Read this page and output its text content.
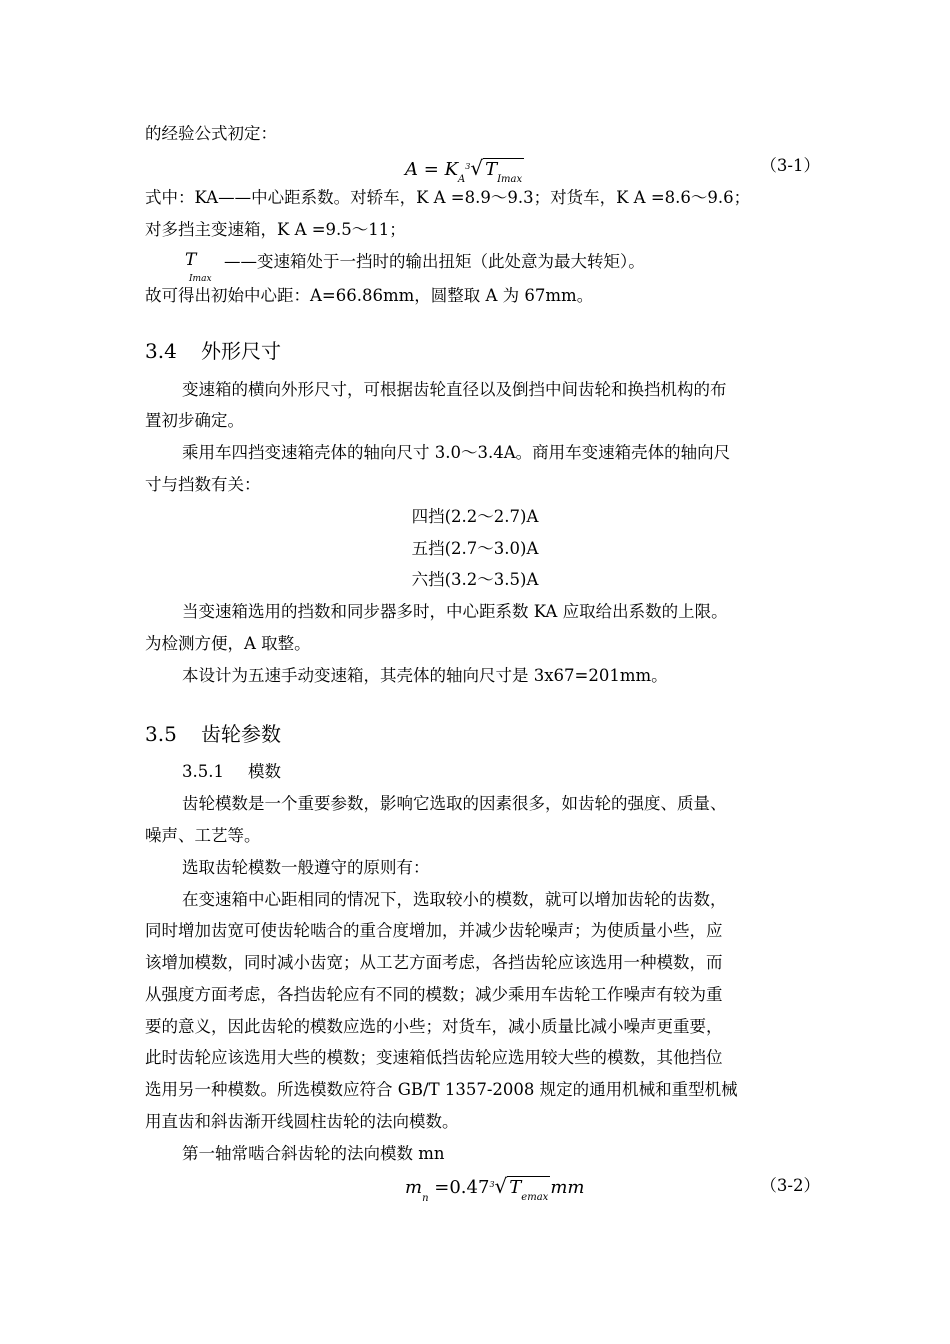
的经验公式初定：
$A = K_A^3√$ $T_{Imax}$
（3-1）
式中：KA——中心距系数。对轿车，K A =8.9～9.3；对货车，K A =8.6～9.6；
对多挡主变速箱，K A =9.5～11；
T
Imax
——变速箱处于一挡时的输出扭矩（此处意为最大转矩）。
故可得出初始中心距：A=66.86mm，圆整取 A 为 67mm。
3.4 外形尺寸
变速箱的横向外形尺寸，可根据齿轮直径以及倒挡中间齿轮和换挡机构的布
置初步确定。
乘用车四挡变速箱壳体的轴向尺寸 3.0～3.4A。商用车变速箱壳体的轴向尺
寸与挡数有关：
四挡(2.2～2.7)A
五挡(2.7～3.0)A
六挡(3.2～3.5)A
当变速箱选用的挡数和同步器多时，中心距系数 KA 应取给出系数的上限。
为检测方便，A 取整。
本设计为五速手动变速箱，其壳体的轴向尺寸是 3x67=201mm。
3.5 齿轮参数
3.5.1 模数
齿轮模数是一个重要参数，影响它选取的因素很多，如齿轮的强度、质量、
噪声、工艺等。
选取齿轮模数一般遵守的原则有：
在变速箱中心距相同的情况下，选取较小的模数，就可以增加齿轮的齿数，
同时增加齿宽可使齿轮啮合的重合度增加，并减少齿轮噪声；为使质量小些，应
该增加模数，同时减小齿宽；从工艺方面考虑，各挡齿轮应该选用一种模数，而
从强度方面考虑，各挡齿轮应有不同的模数；减少乘用车齿轮工作噪声有较为重
要的意义，因此齿轮的模数应选的小些；对货车，减小质量比减小噪声更重要，
此时齿轮应该选用大些的模数；变速箱低挡齿轮应选用较大些的模数，其他挡位
选用另一种模数。所选模数应符合 GB/T 1357-2008 规定的通用机械和重型机械
用直齿和斜齿渐开线圆柱齿轮的法向模数。
第一轴常啮合斜齿轮的法向模数 mn
$m_n =0.47^3√$ $T_{emax}$ mm	（3-2）
